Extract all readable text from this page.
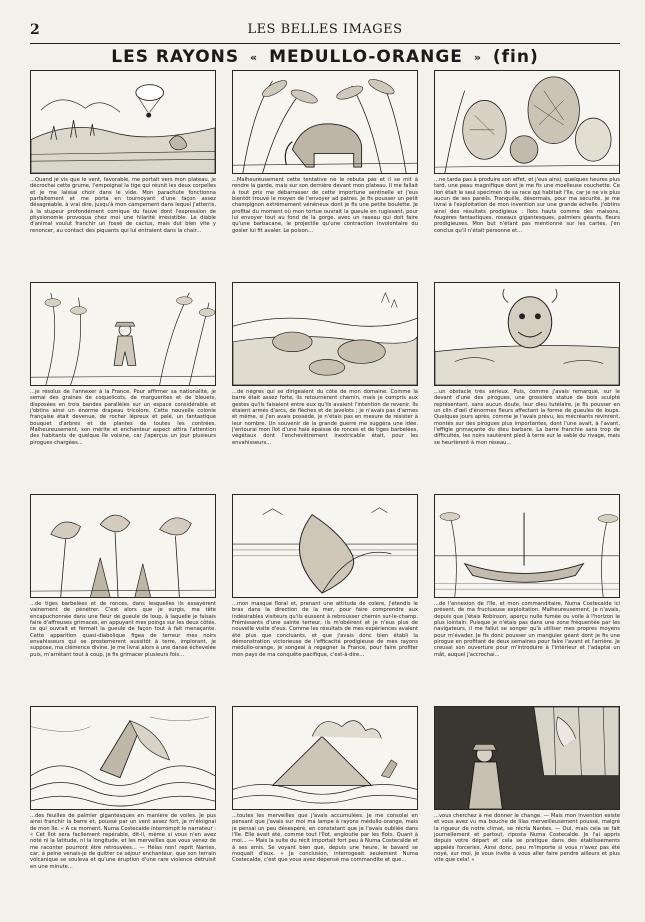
2	LES BELLES IMAGES
LES RAYONS « MEDULLO-ORANGE » (fin)
...Quand je vis que le vent, favorable, me portait vers mon plateau, je décrochai cette grume, l'empoignai la tige qui réunit les deux corpelles et je me laissai choir dans le vide. Mon parachute fonctionna parfaitement et me porta en tournoyant d'une façon assez désagréable, à vrai dire, jusqu'à mon campement dans lequel j'atterris, à la stupeur profondément comique du fauve dont l'expression de physionomie provoqua chez moi une hilarité irrésistible. Le diable d'animal voulut franchir un fossé de cactus, mais dut bien vite y renoncer, au contact des piquants qui lui entraient dans la chair...
...Malheureusement cette tentative ne le rebuta pas et il se mit à rendre la garde, mais sur son dernière devant mon plateau. Il me fallait à tout prix me débarrasser de cette importune sentinelle et j'eus bientôt trouvé le moyen de l'envoyer ad patres. Je fis pousser un petit champignon extrêmement vénéneux dont je fis une petite boulette. Je profitai du moment où mon tortue ouvrait la gueule en rugissant, pour lui envoyer tout au fond de la gorge, avec un raseau qui doit faire qu'une barbacane, le projectile qu'une contraction involontaire du gosier lui fit avaler. Le poison...
...ne tarda pas à produire son effet, et j'eus ainsi, quelques heures plus tard, une peau magnifique dont je me fis une moelleuse couchette. Ce lion était le seul spécimen de sa race qui habitait l'île, car je ne vis plus aucun de ses pareils. Tranquille, désormais, pour ma sécurité, je me livrai à l'exploitation de mon invention sur une grande échelle. J'obtins ainsi des résultats prodigieux : îlots hauts comme des maisons, fougères fantastiques, roseaux gigantesques, palmiers géants, fleurs prodigieuses. Mon but n'étant pas mentionné sur les cartes, j'en conclus qu'il n'était personne et...
...je résolus de l'annexer à la France. Pour affirmer sa nationalité, je semai des graines de coquelicots, de marguerites et de bleuets, disposées en trois bandes parallèles sur un espace considérable et j'obtins ainsi un énorme drapeau tricolore. Cette nouvelle colonie française était devenue, de rocher lépreux et pelé, un fantastique bouquet d'arbres et de plantes de toutes les contrées. Malheureusement, son mérite et enchanteur aspect attira l'attention des habitants de quelque île voisine, car j'aperçus un jour plusieurs pirogues chargées...
...de nègres qui se dirigeaient du côté de mon domaine. Comme la barre était assez forte, ils retournèrent chemin, mais je compris aux gestes qu'ils faisaient entre eux qu'ils avaient l'intention de revenir. Ils étaient armés d'arcs, de flèches et de javelots ; je n'avais pas d'armes et même, si j'en avais possédé, je n'étais pas en mesure de résister à leur nombre. Un souvenir de la grande guerre me suggéra une idée. J'entourai mon îlot d'une haie épaisse de ronces et de tiges barbelées, végétaux dont l'enchevêtrement inextricable était, pour les envahisseurs...
...un obstacle très sérieux. Puis, comme j'avais remarqué, sur le devant d'une des pirogues, une grossière statue de bois sculpté représentant, sans aucun doute, leur dieu tutélaire, je fis pousser en un clin d'œil d'énormes fleurs affectant la forme de gueules de loups. Quelques jours après, comme je l'avais prévu, les mécréants revinrent, montés sur des pirogues plus importantes, dont l'une avait, à l'avant, l'effigie grimaçante du dieu barbare. La barre franchie sans trop de difficultés, les noirs sautèrent pied à terre sur le sable du rivage, mais se heurtèrent à mon réseau...
...de tiges barbelées et de ronces, dans lesquelles ils essayèrent vainement de pénétrer. C'est alors que je surgis, ma tête encapuchonnée dans une fleur de gueule de loup, à laquelle je faisais faire d'affreuses grimaces, en appuyant mes poings sur les deux côtés, ce qui ouvrait et fermait la gueule de façon tout à fait menaçante. Cette apparition quasi-diabolique figea de terreur mes noirs envahisseurs qui se prosternèrent aussitôt à terre, implorant, je suppose, ma clémence divine. Je me livrai alors à une danse échevelée puis, m'arrêtant tout à coup, je fis grimacer plusieurs fois...
...mon masque floral et, prenant une attitude de colère, j'étendis le bras dans la direction de la mer, pour faire comprendre aux indésirables visiteurs qu'ils eussent à rebrousser chemin sur-le-champ. Frémissants d'une sainte terreur, ils m'obéirent et je n'eus plus de nouvelle visite d'eux. Comme les résultats de mes expériences avaient été plus que concluants, et que j'avais donc bien établi la démonstration victorieuse de l'efficacité prodigieuse de mes rayons médullo-orange, je songeai à regagner la France, pour faire profiter mon pays de ma conquête pacifique, c'est-à-dire...
...de l'annexion de l'île, et mon commanditaire, Numa Costecalde ici présent, de ma fructueuse exploitation. Malheureusement, je n'avais, depuis que j'étais Robinson, aperçu nulle fumée ou voile à l'horizon le plus lointain. Puisque je n'étais pas dans une zone fréquentée par les navigateurs, il me fallut se songer qu'à utiliser mes propres moyens pour m'évader. Je fis donc pousser un manguier géant dont je fis une pirogue en profitant de deux semaines pour faire l'avant et l'arrière. Je creusai son ouverture pour m'introduire à l'intérieur et l'adaptai un mât, auquel j'accrochai...
...des feuilles de palmier gigantesques en manière de voiles. Je pus ainsi franchir la barre et, poussé par un vent assez fort, je m'éloignai de mon île. « A ce moment, Numa Costecalde interrompit le narrateur : « Cet îlot sera facilement repérable, dit-il, même si vous n'en avez noté ni la latitude, ni la longitude, et les merveilles que vous venez de me raconter pourront être retrouvées... — Hélas non! reprit Nantes, car, à peine venais-je de quitter ce séjour enchanteur, que son terrain volcanique se souleva et qu'une éruption d'une rare violence détruisit en une minute...
...toutes les merveilles que j'avais accumulées. Je me consolai en pensant que j'avais sur moi ma lampe à rayons médullo-orange, mais je pensai un peu désespéré, en constatant que je l'avais oubliée dans l'île. Elle avait été, comme tout l'îlot, engloutie par les flots. Quant à moi... — Mais la suite du récit importait fort peu à Numa Costecalde et à ses amis. Se voyant bien que, depuis une heure, le bavard se moquait d'eux. « Je conclusion, interrogeait seulement Numa Costecalde, c'est que vous avez dépensé ma commandite et que...
...vous cherchez à me donner le change. — Mais mon invention existe et vous avez vu ma bouche de lilas merveilleusement poussé, malgré la rigueur de notre climat, se récria Nantes. — Oui, mais cela se fait journellement et partout, riposta Numa Costecalde. Je l'ai appris depuis votre départ et cela se pratique dans des établissements appelés forceries. Ainsi donc, peu m'importe si vous n'avez pas été noyé, sur moi, je vous invite à vous aller faire pendre ailleurs et plus vite que cela! »
